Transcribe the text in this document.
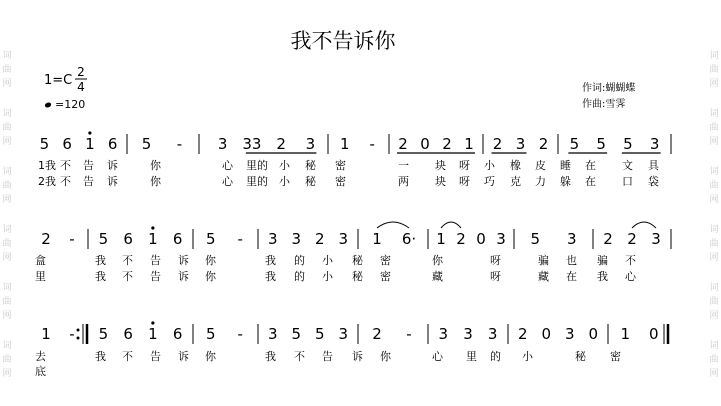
词
曲
网
词
曲
网
词
曲
网
词
曲
网
词
曲
网
词
曲
网
词
曲
网
词
曲
网
词
曲
网
词
曲
网
词
曲
网
词
曲
网
我不告诉你
1=C
2
4
=120
作词:蝴蝴蝶
作曲:雪霁
5 6 1 6 5 - 3 33 2 3 1 - 2 0 2 1 2 3 2 5 5 5 3
1我 不 告 诉	你	心 里的 小 秘 密	一 块 呀 小 橡 皮 睡 在 文 具
2我 不 告 诉	你	心 里的 小 秘 密	两 块 呀 巧 克 力 躲 在 口 袋
2 - 5 6 1 6 5 - 3 3 2 3 1 6· 1 2 0 3 5 3 2 2 3
盒	我 不 告 诉 你	我 的 小 秘 密	你	呀	骗 也 骗 不
里	我 不 告 诉 你	我 的 小 秘 密	藏	呀	藏 在 我 心
1 - 5 6 1 6 5 - 3 5 5 3 2 - 3 3 3 2 0 3 0 1 0
去	我 不 告 诉 你	我 不 告 诉 你	心 里 的 小	秘 密
底
